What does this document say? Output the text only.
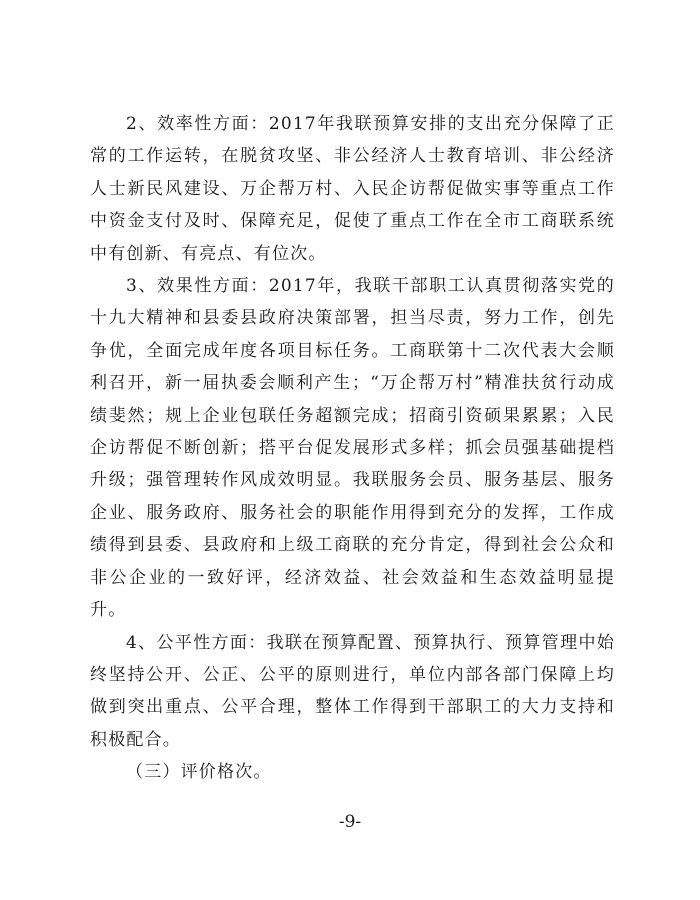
2、效率性方面：2017年我联预算安排的支出充分保障了正常的工作运转，在脱贫攻坚、非公经济人士教育培训、非公经济人士新民风建设、万企帮万村、入民企访帮促做实事等重点工作中资金支付及时、保障充足，促使了重点工作在全市工商联系统中有创新、有亮点、有位次。

3、效果性方面：2017年，我联干部职工认真贯彻落实党的十九大精神和县委县政府决策部署，担当尽责，努力工作，创先争优，全面完成年度各项目标任务。工商联第十二次代表大会顺利召开，新一届执委会顺利产生；“万企帮万村”精准扶贫行动成绩斐然；规上企业包联任务超额完成；招商引资硕果累累；入民企访帮促不断创新；搭平台促发展形式多样；抓会员强基础提档升级；强管理转作风成效明显。我联服务会员、服务基层、服务企业、服务政府、服务社会的职能作用得到充分的发挥，工作成绩得到县委、县政府和上级工商联的充分肯定，得到社会公众和非公企业的一致好评，经济效益、社会效益和生态效益明显提升。

4、公平性方面：我联在预算配置、预算执行、预算管理中始终坚持公开、公正、公平的原则进行，单位内部各部门保障上均做到突出重点、公平合理，整体工作得到干部职工的大力支持和积极配合。

（三）评价格次。

-9-
